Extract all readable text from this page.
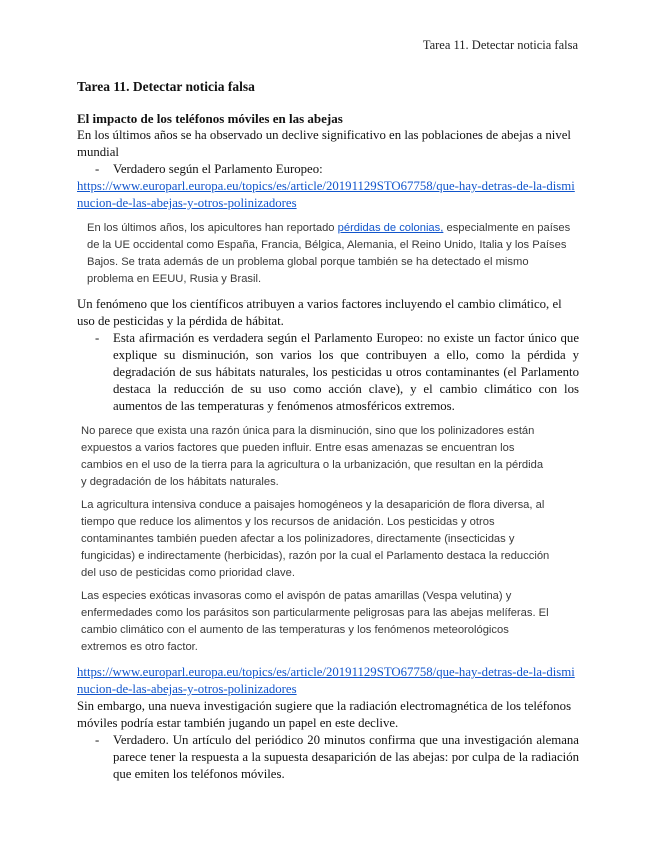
Tarea 11. Detectar noticia falsa
Tarea 11. Detectar noticia falsa
El impacto de los teléfonos móviles en las abejas

En los últimos años se ha observado un declive significativo en las poblaciones de abejas a nivel mundial

- Verdadero según el Parlamento Europeo:
https://www.europarl.europa.eu/topics/es/article/20191129STO67758/que-hay-detras-de-la-disminucion-de-las-abejas-y-otros-polinizadores
En los últimos años, los apicultores han reportado pérdidas de colonias, especialmente en países de la UE occidental como España, Francia, Bélgica, Alemania, el Reino Unido, Italia y los Países Bajos. Se trata además de un problema global porque también se ha detectado el mismo problema en EEUU, Rusia y Brasil.

Un fenómeno que los científicos atribuyen a varios factores incluyendo el cambio climático, el uso de pesticidas y la pérdida de hábitat.

- Esta afirmación es verdadera según el Parlamento Europeo: no existe un factor único que explique su disminución, son varios los que contribuyen a ello, como la pérdida y degradación de sus hábitats naturales, los pesticidas u otros contaminantes (el Parlamento destaca la reducción de su uso como acción clave), y el cambio climático con los aumentos de las temperaturas y fenómenos atmosféricos extremos.

No parece que exista una razón única para la disminución, sino que los polinizadores están expuestos a varios factores que pueden influir. Entre esas amenazas se encuentran los cambios en el uso de la tierra para la agricultura o la urbanización, que resultan en la pérdida y degradación de los hábitats naturales.

La agricultura intensiva conduce a paisajes homogéneos y la desaparición de flora diversa, al tiempo que reduce los alimentos y los recursos de anidación. Los pesticidas y otros contaminantes también pueden afectar a los polinizadores, directamente (insecticidas y fungicidas) e indirectamente (herbicidas), razón por la cual el Parlamento destaca la reducción del uso de pesticidas como prioridad clave.

Las especies exóticas invasoras como el avispón de patas amarillas (Vespa velutina) y enfermedades como los parásitos son particularmente peligrosas para las abejas melíferas. El cambio climático con el aumento de las temperaturas y los fenómenos meteorológicos extremos es otro factor.

https://www.europarl.europa.eu/topics/es/article/20191129STO67758/que-hay-detras-de-la-disminucion-de-las-abejas-y-otros-polinizadores

Sin embargo, una nueva investigación sugiere que la radiación electromagnética de los teléfonos móviles podría estar también jugando un papel en este declive.

- Verdadero. Un artículo del periódico 20 minutos confirma que una investigación alemana parece tener la respuesta a la supuesta desaparición de las abejas: por culpa de la radiación que emiten los teléfonos móviles.
